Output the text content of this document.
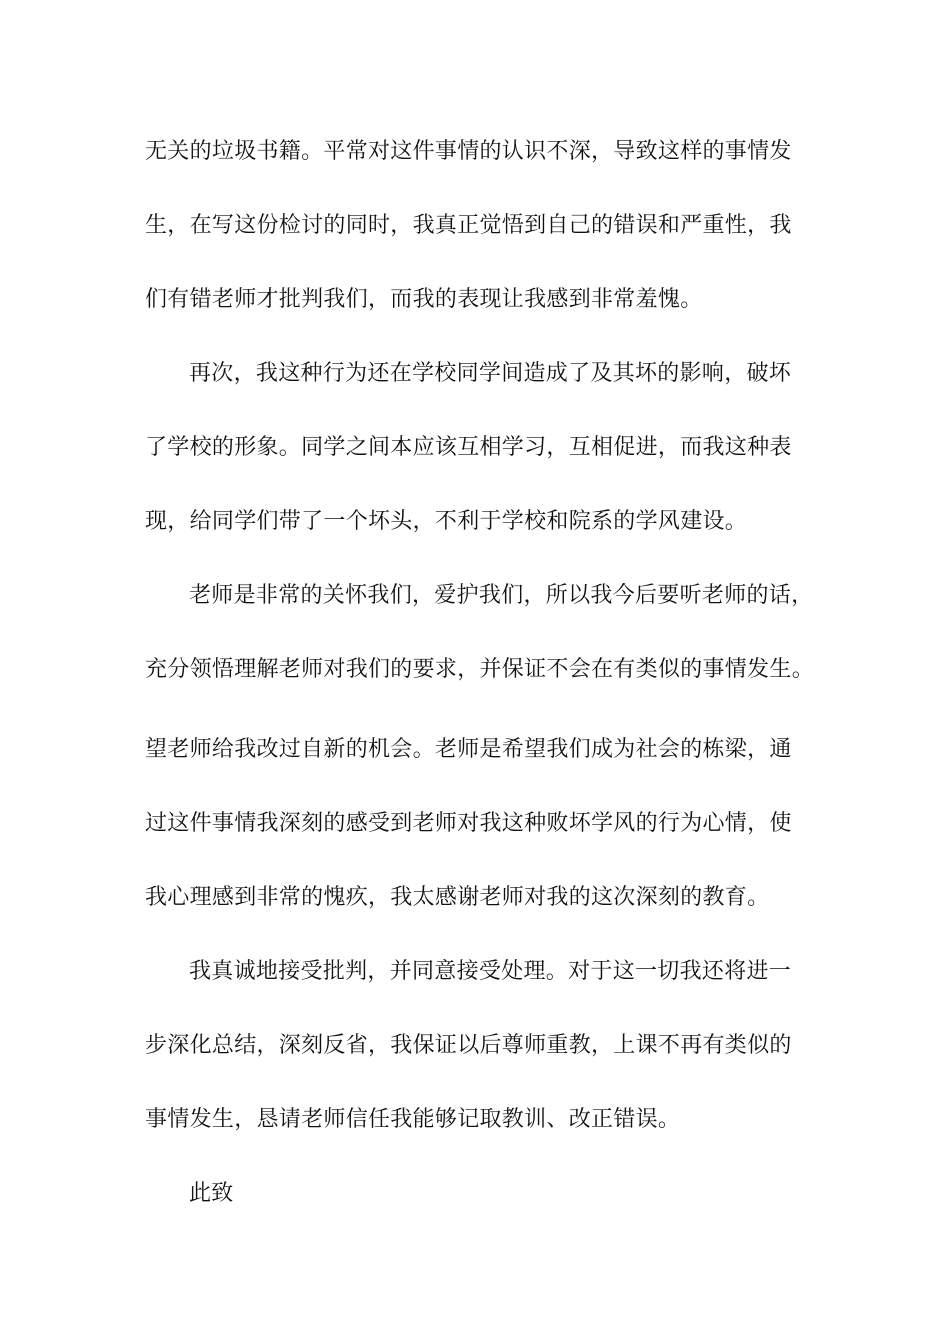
无关的垃圾书籍。平常对这件事情的认识不深，导致这样的事情发

生，在写这份检讨的同时，我真正觉悟到自己的错误和严重性，我

们有错老师才批判我们，而我的表现让我感到非常羞愧。

再次，我这种行为还在学校同学间造成了及其坏的影响，破坏

了学校的形象。同学之间本应该互相学习，互相促进，而我这种表

现，给同学们带了一个坏头，不利于学校和院系的学风建设。

老师是非常的关怀我们，爱护我们，所以我今后要听老师的话，

充分领悟理解老师对我们的要求，并保证不会在有类似的事情发生。

望老师给我改过自新的机会。老师是希望我们成为社会的栋梁，通

过这件事情我深刻的感受到老师对我这种败坏学风的行为心情，使

我心理感到非常的愧疚，我太感谢老师对我的这次深刻的教育。

我真诚地接受批判，并同意接受处理。对于这一切我还将进一

步深化总结，深刻反省，我保证以后尊师重教，上课不再有类似的

事情发生，恳请老师信任我能够记取教训、改正错误。

此致
